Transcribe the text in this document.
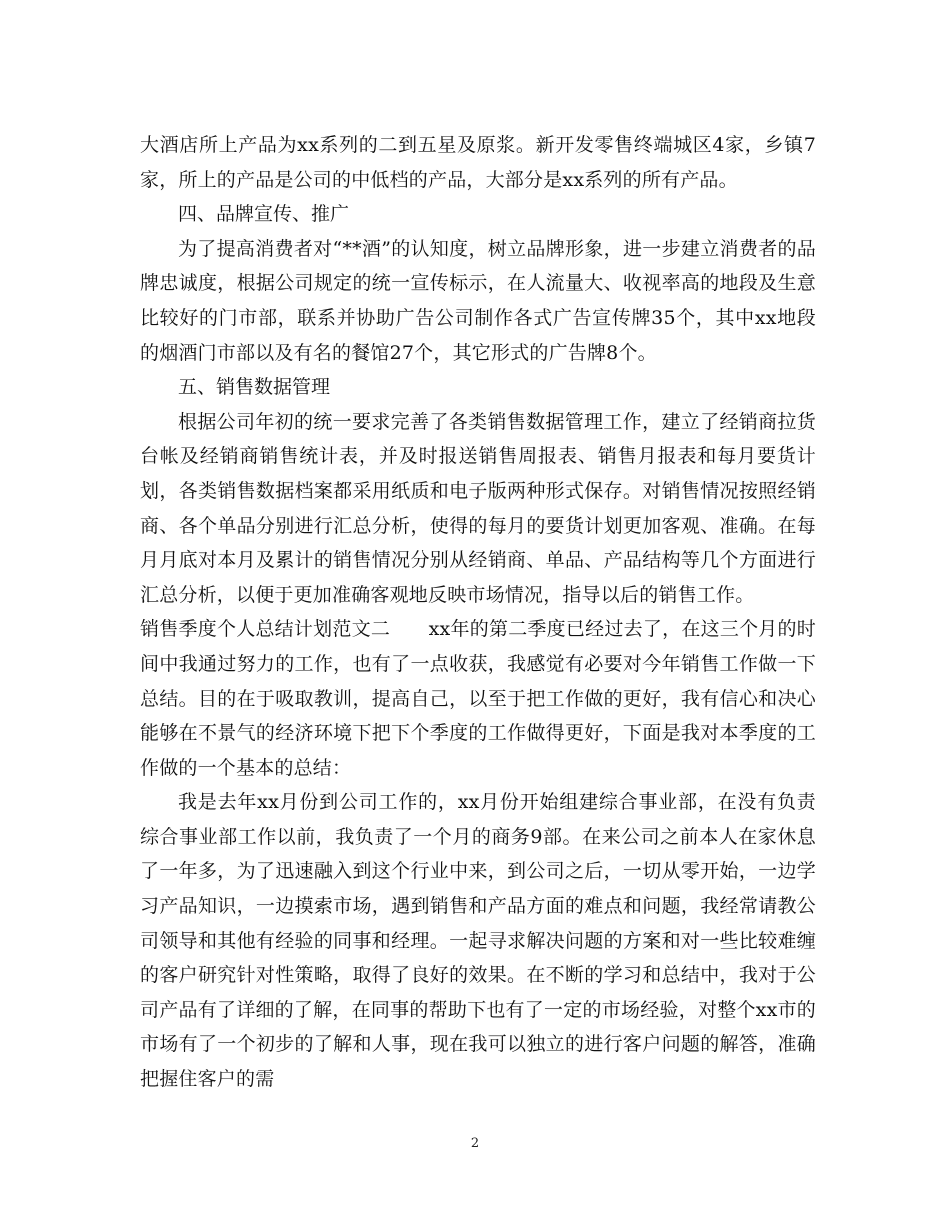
大酒店所上产品为xx系列的二到五星及原浆。新开发零售终端城区4家，乡镇7家，所上的产品是公司的中低档的产品，大部分是xx系列的所有产品。

四、品牌宣传、推广

为了提高消费者对“**酒”的认知度，树立品牌形象，进一步建立消费者的品牌忠诚度，根据公司规定的统一宣传标示，在人流量大、收视率高的地段及生意比较好的门市部，联系并协助广告公司制作各式广告宣传牌35个，其中xx地段的烟酒门市部以及有名的餐馆27个，其它形式的广告牌8个。

五、销售数据管理

根据公司年初的统一要求完善了各类销售数据管理工作，建立了经销商拉货台帐及经销商销售统计表，并及时报送销售周报表、销售月报表和每月要货计划，各类销售数据档案都采用纸质和电子版两种形式保存。对销售情况按照经销商、各个单品分别进行汇总分析，使得的每月的要货计划更加客观、准确。在每月月底对本月及累计的销售情况分别从经销商、单品、产品结构等几个方面进行汇总分析，以便于更加准确客观地反映市场情况，指导以后的销售工作。

销售季度个人总结计划范文二　　xx年的第二季度已经过去了，在这三个月的时间中我通过努力的工作，也有了一点收获，我感觉有必要对今年销售工作做一下总结。目的在于吸取教训，提高自己，以至于把工作做的更好，我有信心和决心能够在不景气的经济环境下把下个季度的工作做得更好，下面是我对本季度的工作做的一个基本的总结：

我是去年xx月份到公司工作的，xx月份开始组建综合事业部，在没有负责综合事业部工作以前，我负责了一个月的商务9部。在来公司之前本人在家休息了一年多，为了迅速融入到这个行业中来，到公司之后，一切从零开始，一边学习产品知识，一边摸索市场，遇到销售和产品方面的难点和问题，我经常请教公司领导和其他有经验的同事和经理。一起寻求解决问题的方案和对一些比较难缠的客户研究针对性策略，取得了良好的效果。在不断的学习和总结中，我对于公司产品有了详细的了解，在同事的帮助下也有了一定的市场经验，对整个xx市的市场有了一个初步的了解和人事，现在我可以独立的进行客户问题的解答，准确把握住客户的需

2
